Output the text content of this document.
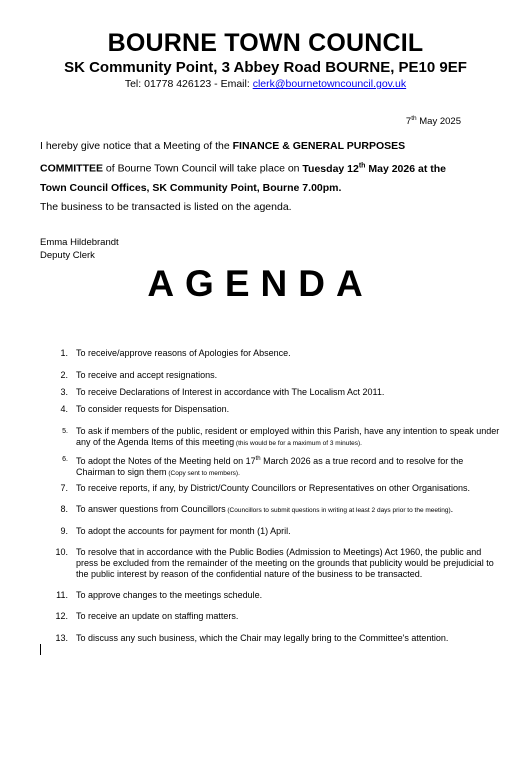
BOURNE TOWN COUNCIL
SK Community Point, 3 Abbey Road BOURNE, PE10 9EF
Tel: 01778 426123 - Email: clerk@bournetowncouncil.gov.uk
7th May 2025

I hereby give notice that a Meeting of the FINANCE & GENERAL PURPOSES
COMMITTEE of Bourne Town Council will take place on Tuesday 12th May 2026 at the
Town Council Offices, SK Community Point, Bourne 7.00pm.

The business to be transacted is listed on the agenda.

Emma Hildebrandt
Deputy Clerk
AGENDA
1. To receive/approve reasons of Apologies for Absence.
2. To receive and accept resignations.
3. To receive Declarations of Interest in accordance with The Localism Act 2011.
4. To consider requests for Dispensation.
5. To ask if members of the public, resident or employed within this Parish, have any intention to speak under any of the Agenda Items of this meeting (this would be for a maximum of 3 minutes).
6. To adopt the Notes of the Meeting held on 17th March 2026 as a true record and to resolve for the Chairman to sign them (Copy sent to members).
7. To receive reports, if any, by District/County Councillors or Representatives on other Organisations.
8. To answer questions from Councillors (Councillors to submit questions in writing at least 2 days prior to the meeting).
9. To adopt the accounts for payment for month (1) April.
10. To resolve that in accordance with the Public Bodies (Admission to Meetings) Act 1960, the public and press be excluded from the remainder of the meeting on the grounds that publicity would be prejudicial to the public interest by reason of the confidential nature of the business to be transacted.
11. To approve changes to the meetings schedule.
12. To receive an update on staffing matters.
13. To discuss any such business, which the Chair may legally bring to the Committee's attention.
